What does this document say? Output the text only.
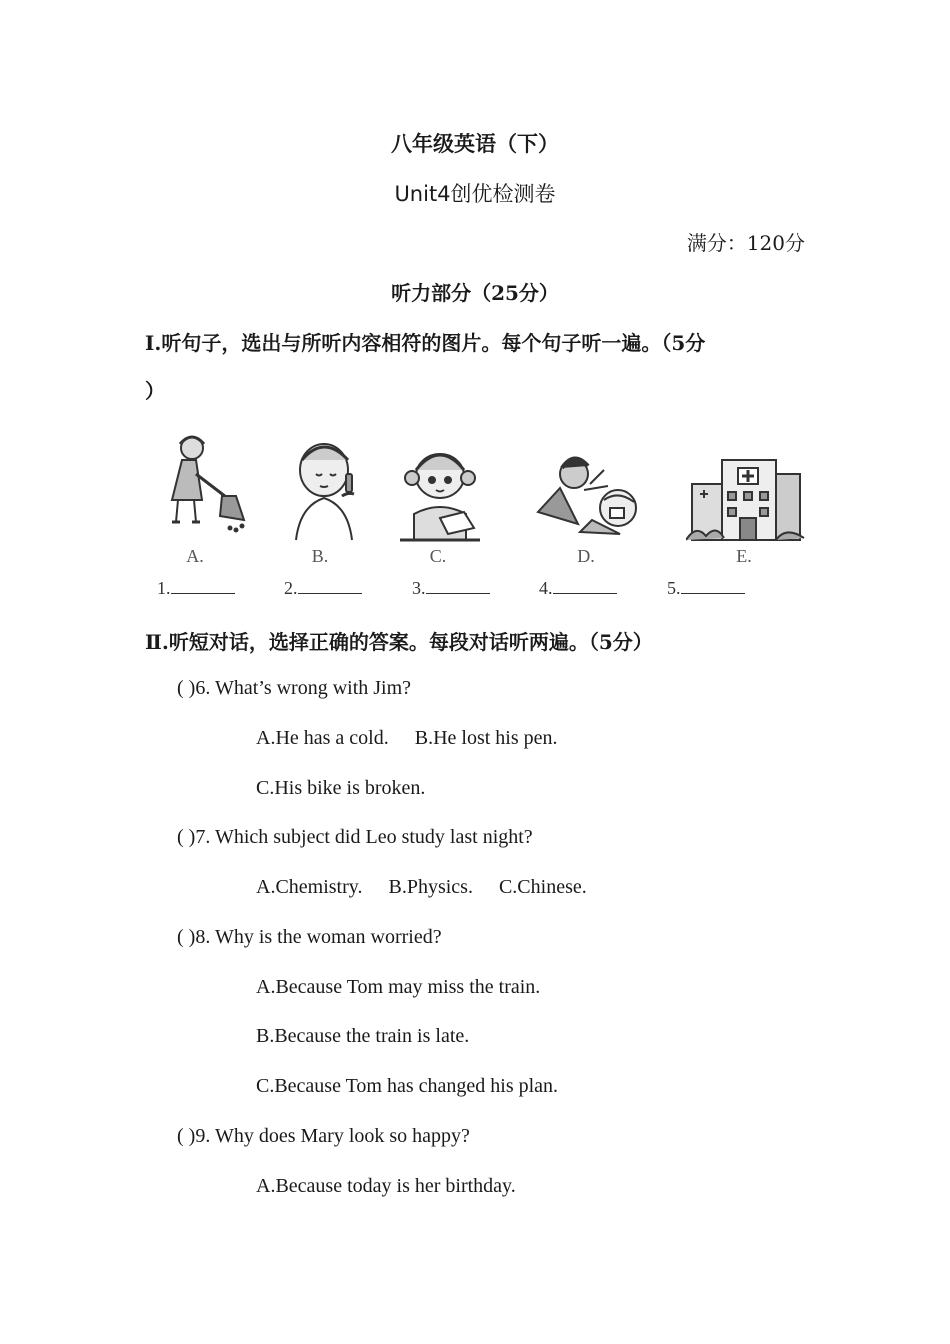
八年级英语（下）
Unit4创优检测卷
满分：120分
听力部分（25分）
Ⅰ.听句子，选出与所听内容相符的图片。每个句子听一遍。（5分
）
A.	B.	C.	D.	E.
1.	2.	3.	4.	5.
Ⅱ.听短对话，选择正确的答案。每段对话听两遍。（5分）
( )6. What’s wrong with Jim?
A.He has a cold. B.He lost his pen.
C.His bike is broken.
( )7. Which subject did Leo study last night?
A.Chemistry. B.Physics. C.Chinese.
( )8. Why is the woman worried?
A.Because Tom may miss the train.
B.Because the train is late.
C.Because Tom has changed his plan.
( )9. Why does Mary look so happy?
A.Because today is her birthday.
